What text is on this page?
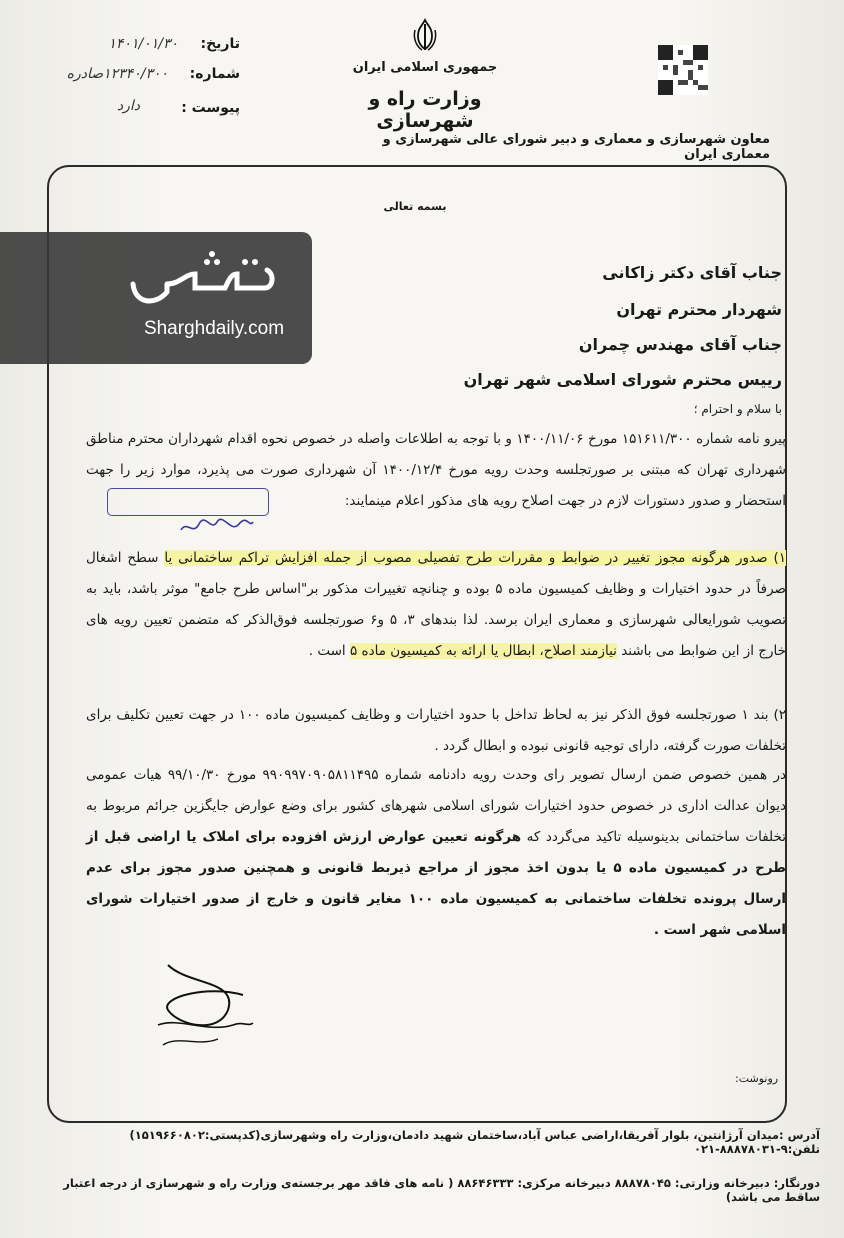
جمهوری اسلامی ایران
وزارت راه و شهرسازی
معاون شهرسازی و معماری و دبیر شورای عالی شهرسازی و معماری ایران
تاریخ:
۱۴۰۱/۰۱/۳۰
شماره:
۱۲۳۴۰/۳۰۰صادره
پیوست :
دارد
بسمه تعالی
جناب آقای دکتر زاکانی
شهردار محترم تهران
جناب آقای مهندس چمران
رییس محترم شورای اسلامی شهر تهران
با سلام و احترام ؛
پیرو نامه شماره ۱۵۱۶۱۱/۳۰۰ مورخ ۱۴۰۰/۱۱/۰۶ و با توجه به اطلاعات واصله در خصوص نحوه اقدام شهرداران محترم مناطق شهرداری تهران که مبتنی بر صورتجلسه وحدت رویه مورخ ۱۴۰۰/۱۲/۴ آن شهرداری صورت می پذیرد، موارد زیر را جهت استحضار و صدور دستورات لازم در جهت اصلاح رویه های مذکور اعلام مینمایند:
۱) صدور هرگونه مجوز تغییر در ضوابط و مقررات طرح تفصیلی مصوب از جمله افزایش تراکم ساختمانی یا سطح اشغال صرفاً در حدود اختیارات و وظایف کمیسیون ماده ۵ بوده و چنانچه تغییرات مذکور بر"اساس طرح جامع" موثر باشد، باید به تصویب شورایعالی شهرسازی و معماری ایران برسد. لذا بندهای ۳، ۵ و۶ صورتجلسه فوق‌الذکر که متضمن تعیین رویه های خارج از این ضوابط می باشند نیازمند اصلاح، ابطال یا ارائه به کمیسیون ماده ۵ است .
۲) بند ۱ صورتجلسه فوق الذکر نیز به لحاظ تداخل با حدود اختیارات و وظایف کمیسیون ماده ۱۰۰ در جهت تعیین تکلیف برای تخلفات صورت گرفته، دارای توجیه قانونی نبوده و ابطال گردد .
در همین خصوص ضمن ارسال تصویر رای وحدت رویه دادنامه شماره ۹۹۰۹۹۷۰۹۰۵۸۱۱۴۹۵ مورخ ۹۹/۱۰/۳۰ هیات عمومی دیوان عدالت اداری در خصوص حدود اختیارات شورای اسلامی شهرهای کشور برای وضع عوارض جایگزین جرائم مربوط به تخلفات ساختمانی بدینوسیله تاکید می‌گردد که هرگونه تعیین عوارض ارزش افزوده برای املاک یا اراضی قبل از طرح در کمیسیون ماده ۵ یا بدون اخذ مجوز از مراجع ذیربط قانونی و همچنین صدور مجوز برای عدم ارسال پرونده تخلفات ساختمانی به کمیسیون ماده ۱۰۰ مغایر قانون و خارج از صدور اختیارات شورای اسلامی شهر است .
رونوشت:
آدرس :میدان آرژانتین، بلوار آفریقا،اراضی عباس آباد،ساختمان شهید دادمان،وزارت راه وشهرسازی(کدپستی:۱۵۱۹۶۶۰۸۰۲) تلفن:۹-۸۸۸۷۸۰۳۱-۰۲۱
دورنگار: دبیرخانه وزارتی: ۸۸۸۷۸۰۴۵ دبیرخانه مرکزی: ۸۸۶۴۶۳۳۳ ( نامه های فاقد مهر برجسته‌ی وزارت راه و شهرسازی از درجه اعتبار ساقط می باشد)
Sharghdaily.com
